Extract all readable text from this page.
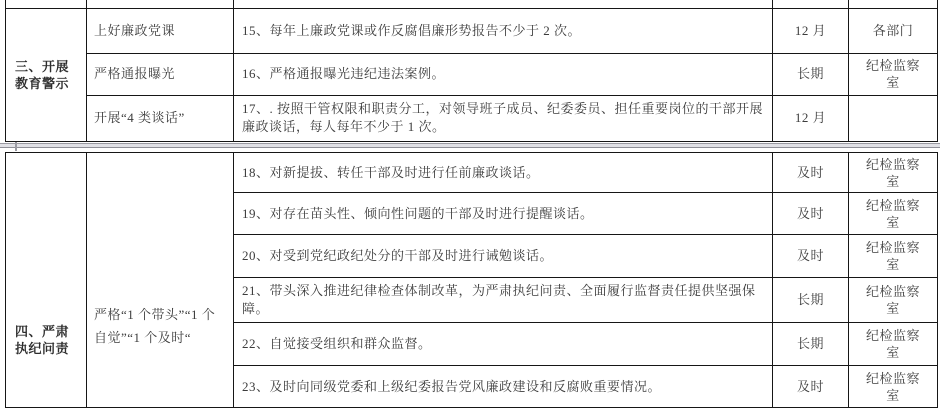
三、开展教育警示	上好廉政党课	15、每年上廉政党课或作反腐倡廉形势报告不少于 2 次。	12 月	各部门
	严格通报曝光	16、严格通报曝光违纪违法案例。	长期	纪检监察室
	开展“4 类谈话”	17、. 按照干管权限和职责分工，对领导班子成员、纪委委员、担任重要岗位的干部开展廉政谈话，每人每年不少于 1 次。	12 月	
四、严肃执纪问责	严格“1 个带头”“1 个自觉”“1 个及时“	18、对新提拔、转任干部及时进行任前廉政谈话。	及时	纪检监察室
		19、对存在苗头性、倾向性问题的干部及时进行提醒谈话。	及时	纪检监察室
		20、对受到党纪政纪处分的干部及时进行诫勉谈话。	及时	纪检监察室
		21、带头深入推进纪律检查体制改革，为严肃执纪问责、全面履行监督责任提供坚强保障。	长期	纪检监察室
		22、自觉接受组织和群众监督。	长期	纪检监察室
		23、及时向同级党委和上级纪委报告党风廉政建设和反腐败重要情况。	及时	纪检监察室
